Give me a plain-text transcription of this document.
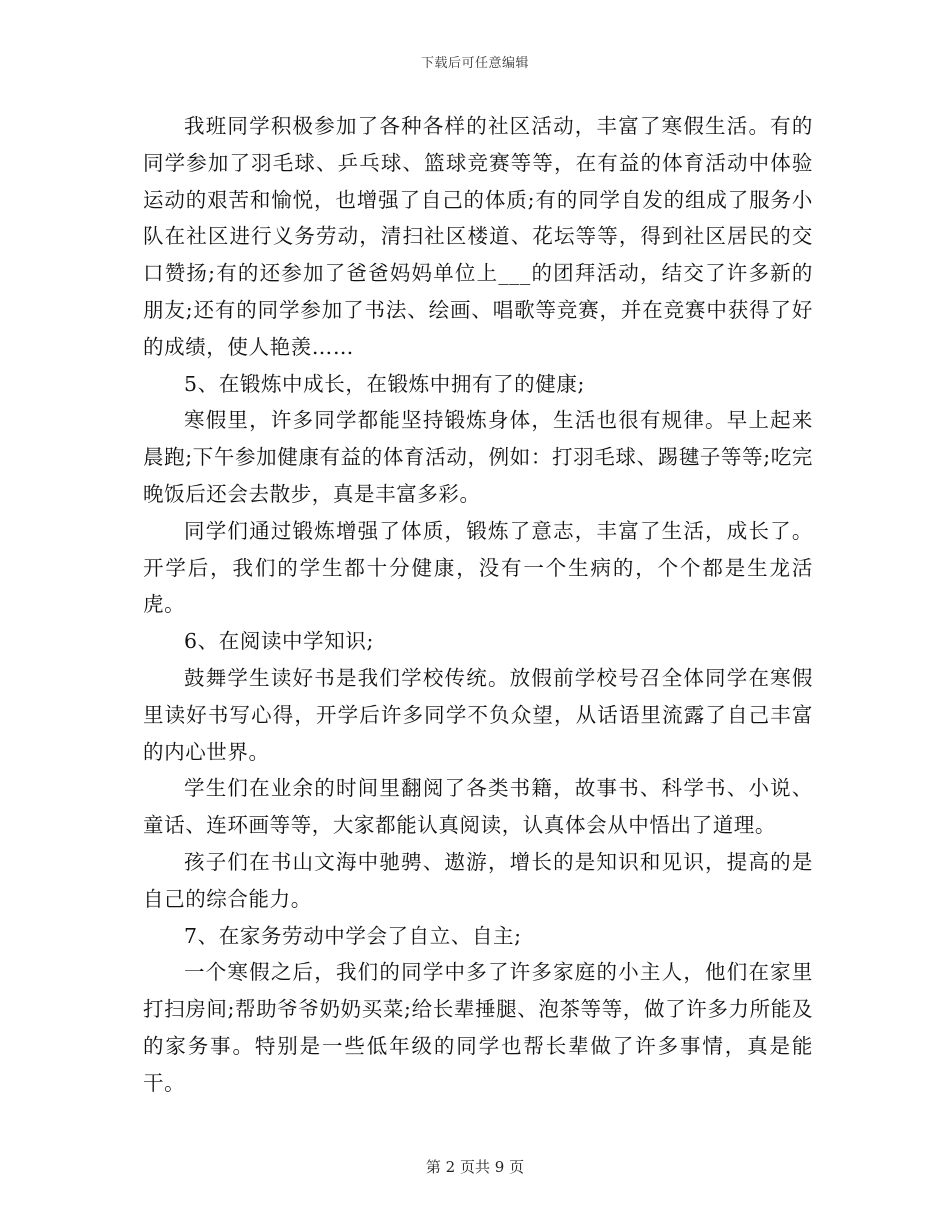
下载后可任意编辑

我班同学积极参加了各种各样的社区活动，丰富了寒假生活。有的同学参加了羽毛球、乒乓球、篮球竞赛等等，在有益的体育活动中体验运动的艰苦和愉悦，也增强了自己的体质;有的同学自发的组成了服务小队在社区进行义务劳动，清扫社区楼道、花坛等等，得到社区居民的交口赞扬;有的还参加了爸爸妈妈单位上___的团拜活动，结交了许多新的朋友;还有的同学参加了书法、绘画、唱歌等竞赛，并在竞赛中获得了好的成绩，使人艳羡……

5、在锻炼中成长，在锻炼中拥有了的健康;

寒假里，许多同学都能坚持锻炼身体，生活也很有规律。早上起来晨跑;下午参加健康有益的体育活动，例如：打羽毛球、踢毽子等等;吃完晚饭后还会去散步，真是丰富多彩。

同学们通过锻炼增强了体质，锻炼了意志，丰富了生活，成长了。开学后，我们的学生都十分健康，没有一个生病的，个个都是生龙活虎。

6、在阅读中学知识;

鼓舞学生读好书是我们学校传统。放假前学校号召全体同学在寒假里读好书写心得，开学后许多同学不负众望，从话语里流露了自己丰富的内心世界。

学生们在业余的时间里翻阅了各类书籍，故事书、科学书、小说、童话、连环画等等，大家都能认真阅读，认真体会从中悟出了道理。

孩子们在书山文海中驰骋、遨游，增长的是知识和见识，提高的是自己的综合能力。

7、在家务劳动中学会了自立、自主;

一个寒假之后，我们的同学中多了许多家庭的小主人，他们在家里打扫房间;帮助爷爷奶奶买菜;给长辈捶腿、泡茶等等，做了许多力所能及的家务事。特别是一些低年级的同学也帮长辈做了许多事情，真是能干。

第 2 页共 9 页
